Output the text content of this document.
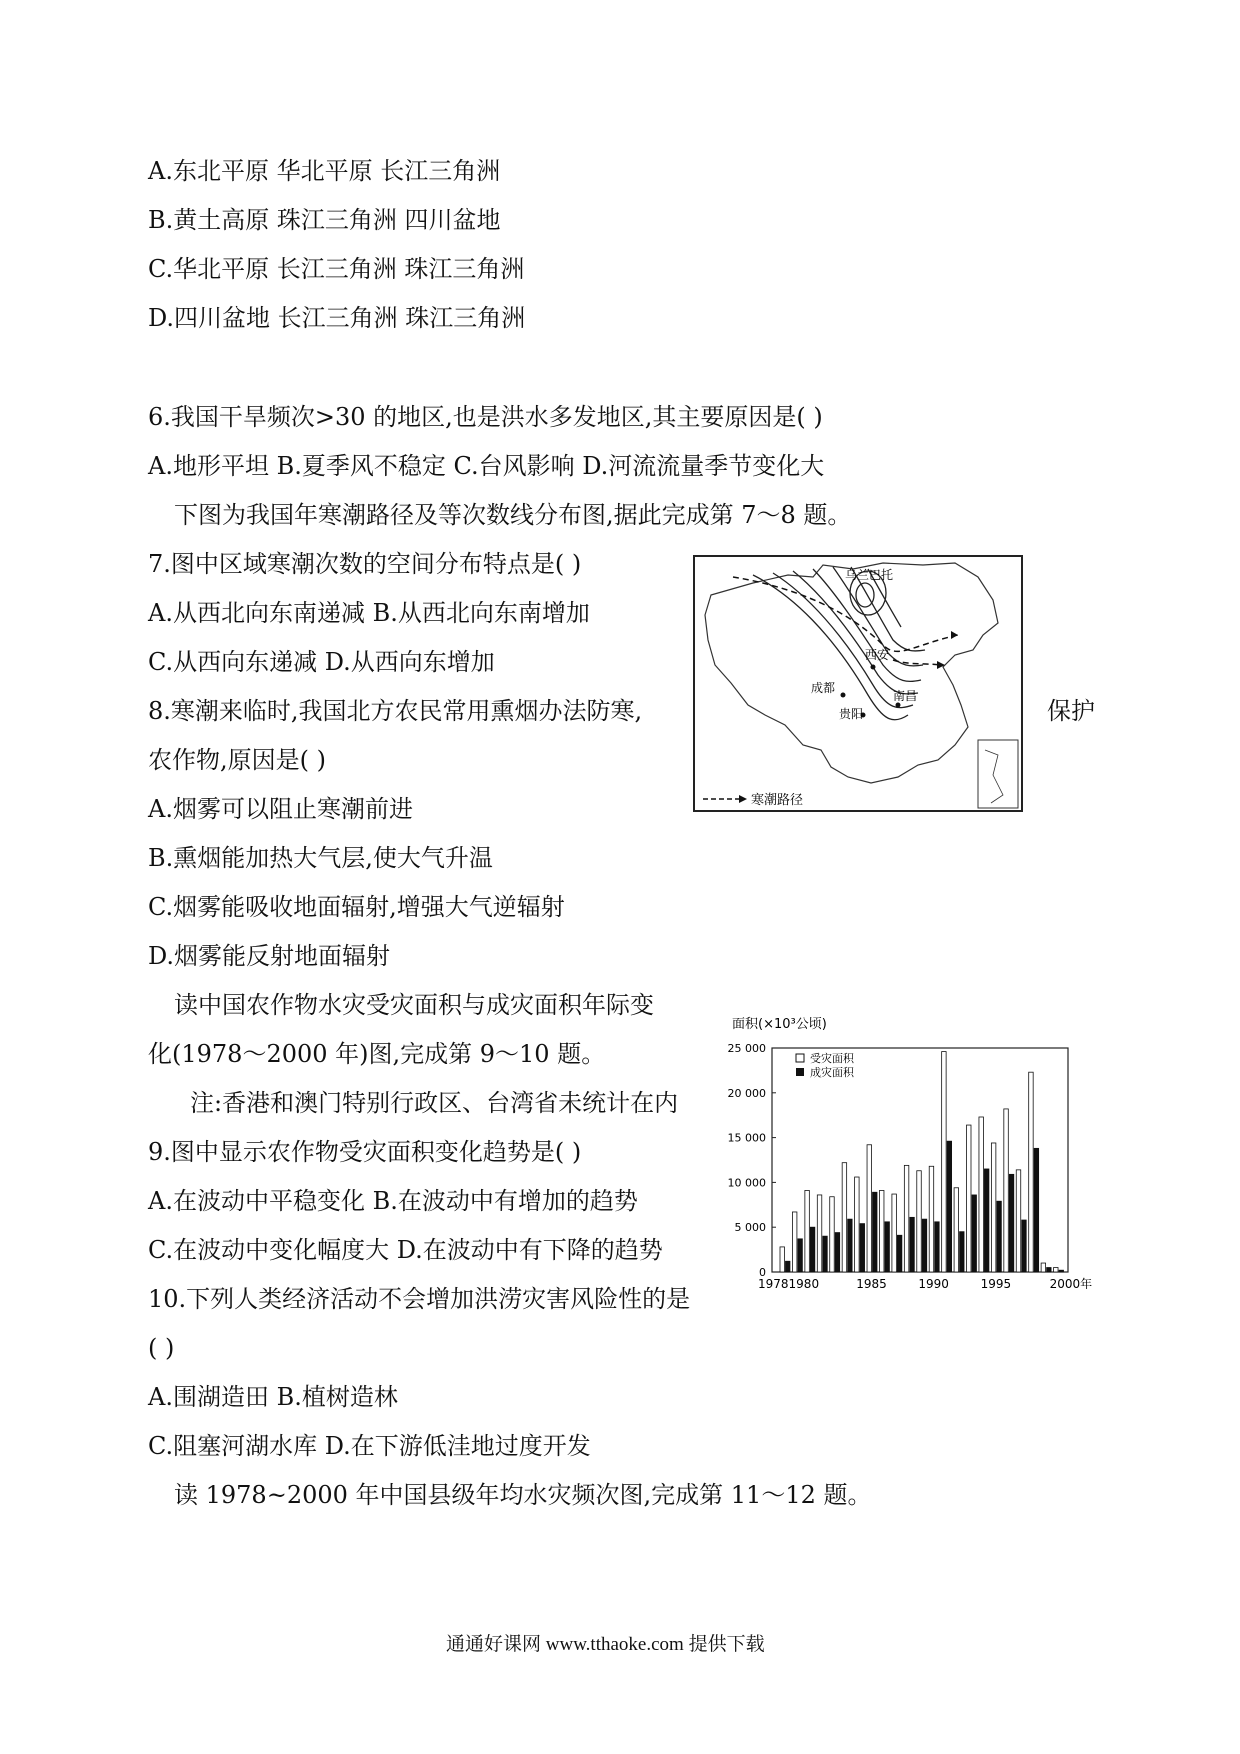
A.东北平原 华北平原 长江三角洲
B.黄土高原 珠江三角洲 四川盆地
C.华北平原 长江三角洲 珠江三角洲
D.四川盆地 长江三角洲 珠江三角洲
6.我国干旱频次>30 的地区,也是洪水多发地区,其主要原因是( )
A.地形平坦 B.夏季风不稳定 C.台风影响 D.河流流量季节变化大
下图为我国年寒潮路径及等次数线分布图,据此完成第 7～8 题。
7.图中区域寒潮次数的空间分布特点是( )
A.从西北向东南递减 B.从西北向东南增加
C.从西向东递减 D.从西向东增加
8.寒潮来临时,我国北方农民常用熏烟办法防寒,	保护
农作物,原因是( )
A.烟雾可以阻止寒潮前进
B.熏烟能加热大气层,使大气升温
C.烟雾能吸收地面辐射,增强大气逆辐射
D.烟雾能反射地面辐射
乌兰巴托
西安
成都
贵阳
南昌
寒潮路径
读中国农作物水灾受灾面积与成灾面积年际变
化(1978～2000 年)图,完成第 9～10 题。
注:香港和澳门特别行政区、台湾省未统计在内
9.图中显示农作物受灾面积变化趋势是( )
A.在波动中平稳变化 B.在波动中有增加的趋势
C.在波动中变化幅度大 D.在波动中有下降的趋势
10.下列人类经济活动不会增加洪涝灾害风险性的是
( )
A.围湖造田 B.植树造林
C.阻塞河湖水库 D.在下游低洼地过度开发
读 1978~2000 年中国县级年均水灾频次图,完成第 11～12 题。
面积(×10³公顷)
0
5 000
10 000
15 000
20 000
25 000
19781980	1985	1990	1995	2000年
受灾面积
成灾面积
通通好课网 www.tthaoke.com 提供下载
